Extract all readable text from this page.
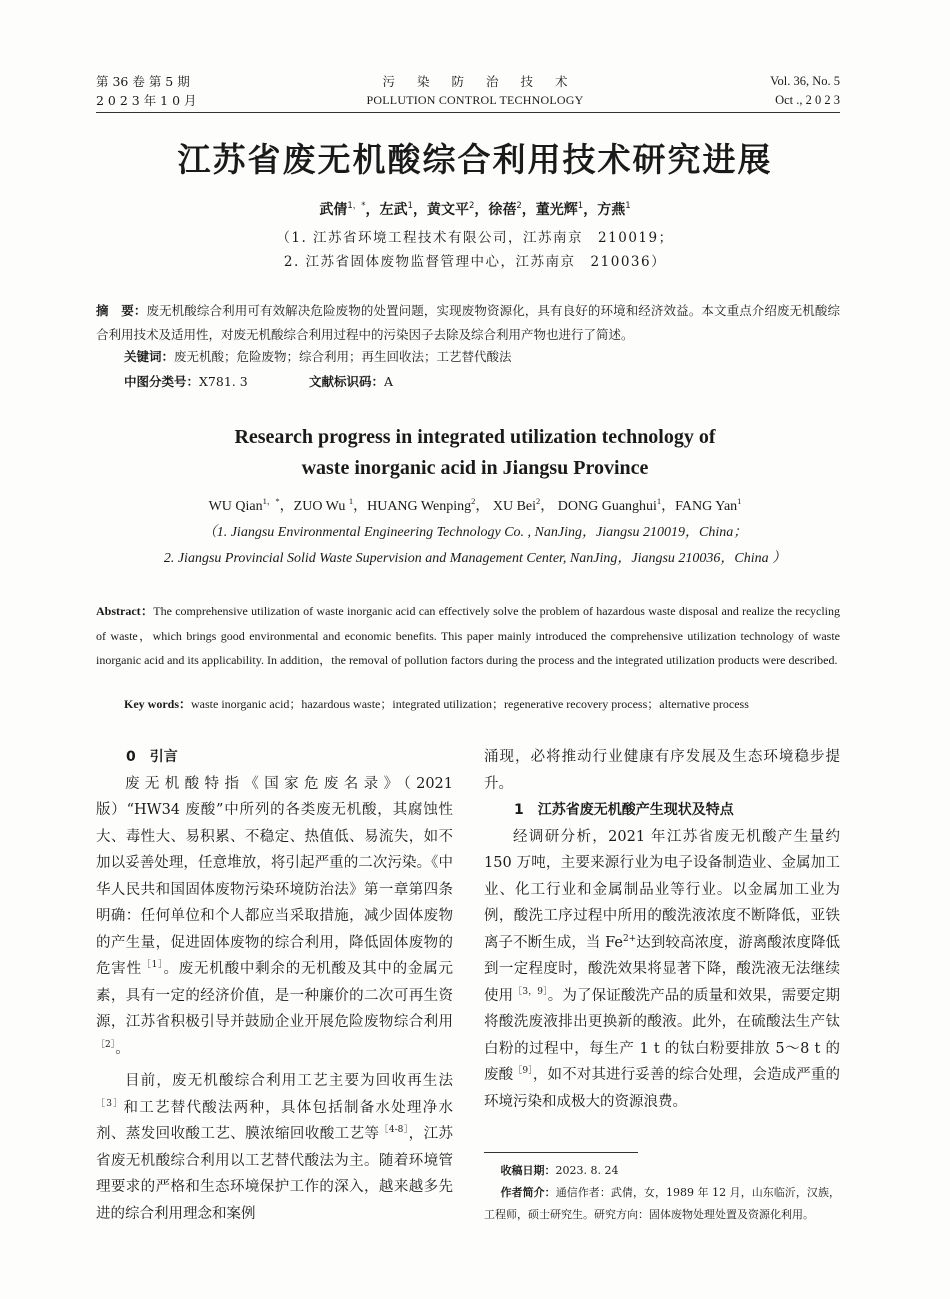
第 36 卷 第 5 期
2 0 2 3 年 1 0 月
污染防治技术
POLLUTION CONTROL TECHNOLOGY
Vol. 36, No. 5
Oct ., 2 0 2 3
江苏省废无机酸综合利用技术研究进展
武倩$^{1,*}$，左武$^1$，黄文平$^2$，徐蓓$^2$，董光辉$^1$，方燕$^1$
（1. 江苏省环境工程技术有限公司，江苏南京　210019；
2. 江苏省固体废物监督管理中心，江苏南京　210036）
摘　要：废无机酸综合利用可有效解决危险废物的处置问题，实现废物资源化，具有良好的环境和经济效益。本文重点介绍废无机酸综合利用技术及适用性，对废无机酸综合利用过程中的污染因子去除及综合利用产物也进行了简述。
关键词：废无机酸；危险废物；综合利用；再生回收法；工艺替代酸法
中图分类号：X781. 3	文献标识码：A
Research progress in integrated utilization technology of
waste inorganic acid in Jiangsu Province
WU Qian$^{1,*}$，ZUO Wu $^1$，HUANG Wenping$^2$， XU Bei$^2$， DONG Guanghui$^1$，FANG Yan$^1$
（1. Jiangsu Environmental Engineering Technology Co. , NanJing，Jiangsu 210019，China；
2. Jiangsu Provincial Solid Waste Supervision and Management Center, NanJing，Jiangsu 210036，China ）
Abstract：The comprehensive utilization of waste inorganic acid can effectively solve the problem of hazardous waste disposal and realize the recycling of waste，which brings good environmental and economic benefits. This paper mainly introduced the comprehensive utilization technology of waste inorganic acid and its applicability. In addition，the removal of pollution factors during the process and the integrated utilization products were described.
Key words：waste inorganic acid；hazardous waste；integrated utilization；regenerative recovery process；alternative process

0　引言

废无机酸特指《国家危废名录》（2021 版）“HW34 废酸”中所列的各类废无机酸，其腐蚀性大、毒性大、易积累、不稳定、热值低、易流失，如不加以妥善处理，任意堆放，将引起严重的二次污染。《中华人民共和国固体废物污染环境防治法》第一章第四条明确：任何单位和个人都应当采取措施，减少固体废物的产生量，促进固体废物的综合利用，降低固体废物的危害性$^{[1]}$。废无机酸中剩余的无机酸及其中的金属元素，具有一定的经济价值，是一种廉价的二次可再生资源，江苏省积极引导并鼓励企业开展危险废物综合利用$^{[2]}$。

目前，废无机酸综合利用工艺主要为回收再生法$^{[3]}$和工艺替代酸法两种，具体包括制备水处理净水剂、蒸发回收酸工艺、膜浓缩回收酸工艺等$^{[4-8]}$，江苏省废无机酸综合利用以工艺替代酸法为主。随着环境管理要求的严格和生态环境保护工作的深入，越来越多先进的综合利用理念和案例

涌现，必将推动行业健康有序发展及生态环境稳步提升。

1　江苏省废无机酸产生现状及特点

经调研分析，2021 年江苏省废无机酸产生量约 150 万吨，主要来源行业为电子设备制造业、金属加工业、化工行业和金属制品业等行业。以金属加工业为例，酸洗工序过程中所用的酸洗液浓度不断降低，亚铁离子不断生成，当 $Fe^{2+}$达到较高浓度，游离酸浓度降低到一定程度时，酸洗效果将显著下降，酸洗液无法继续使用$^{[3,9]}$。为了保证酸洗产品的质量和效果，需要定期将酸洗废液排出更换新的酸液。此外，在硫酸法生产钛白粉的过程中，每生产 1 t 的钛白粉要排放 5～8 t 的废酸$^{[9]}$，如不对其进行妥善的综合处理，会造成严重的环境污染和成极大的资源浪费。

收稿日期：2023. 8. 24

作者简介：通信作者：武倩，女，1989 年 12 月，山东临沂，汉族，工程师，硕士研究生。研究方向：固体废物处理处置及资源化利用。
